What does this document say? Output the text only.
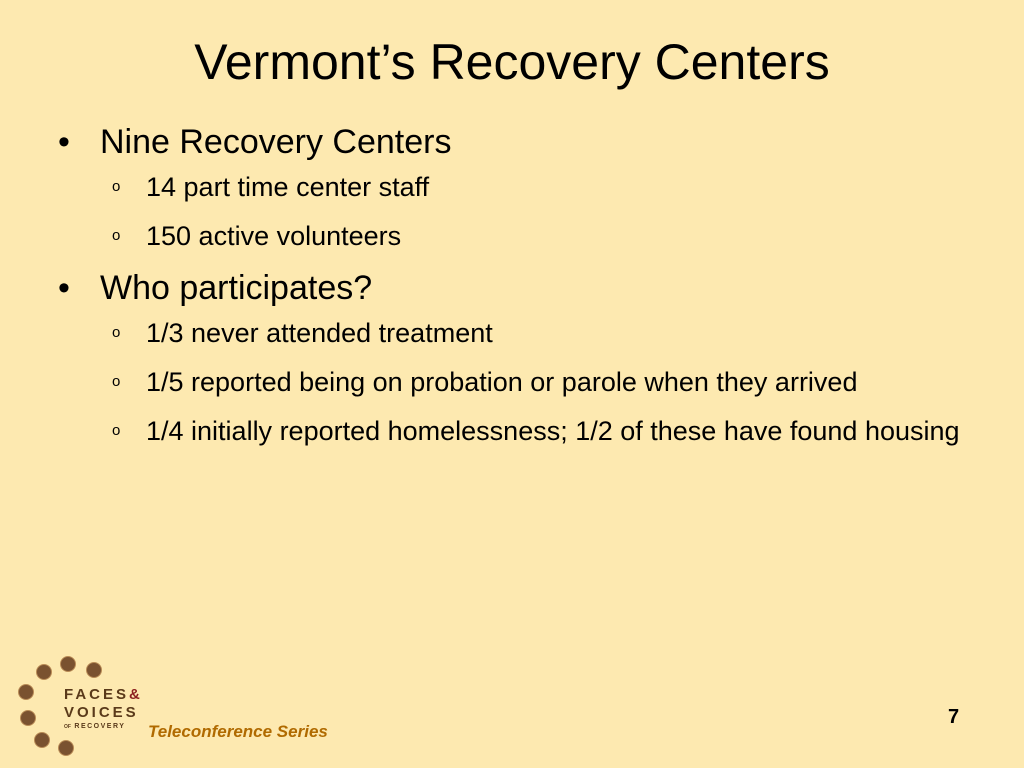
Vermont’s Recovery Centers
• Nine Recovery Centers
o 14 part time center staff
o 150 active volunteers
• Who participates?
o 1/3 never attended treatment
o 1/5 reported being on probation or parole when they arrived
o 1/4 initially reported homelessness; 1/2 of these have found housing
FACES&
VOICES
OF RECOVERY	Teleconference Series
7
